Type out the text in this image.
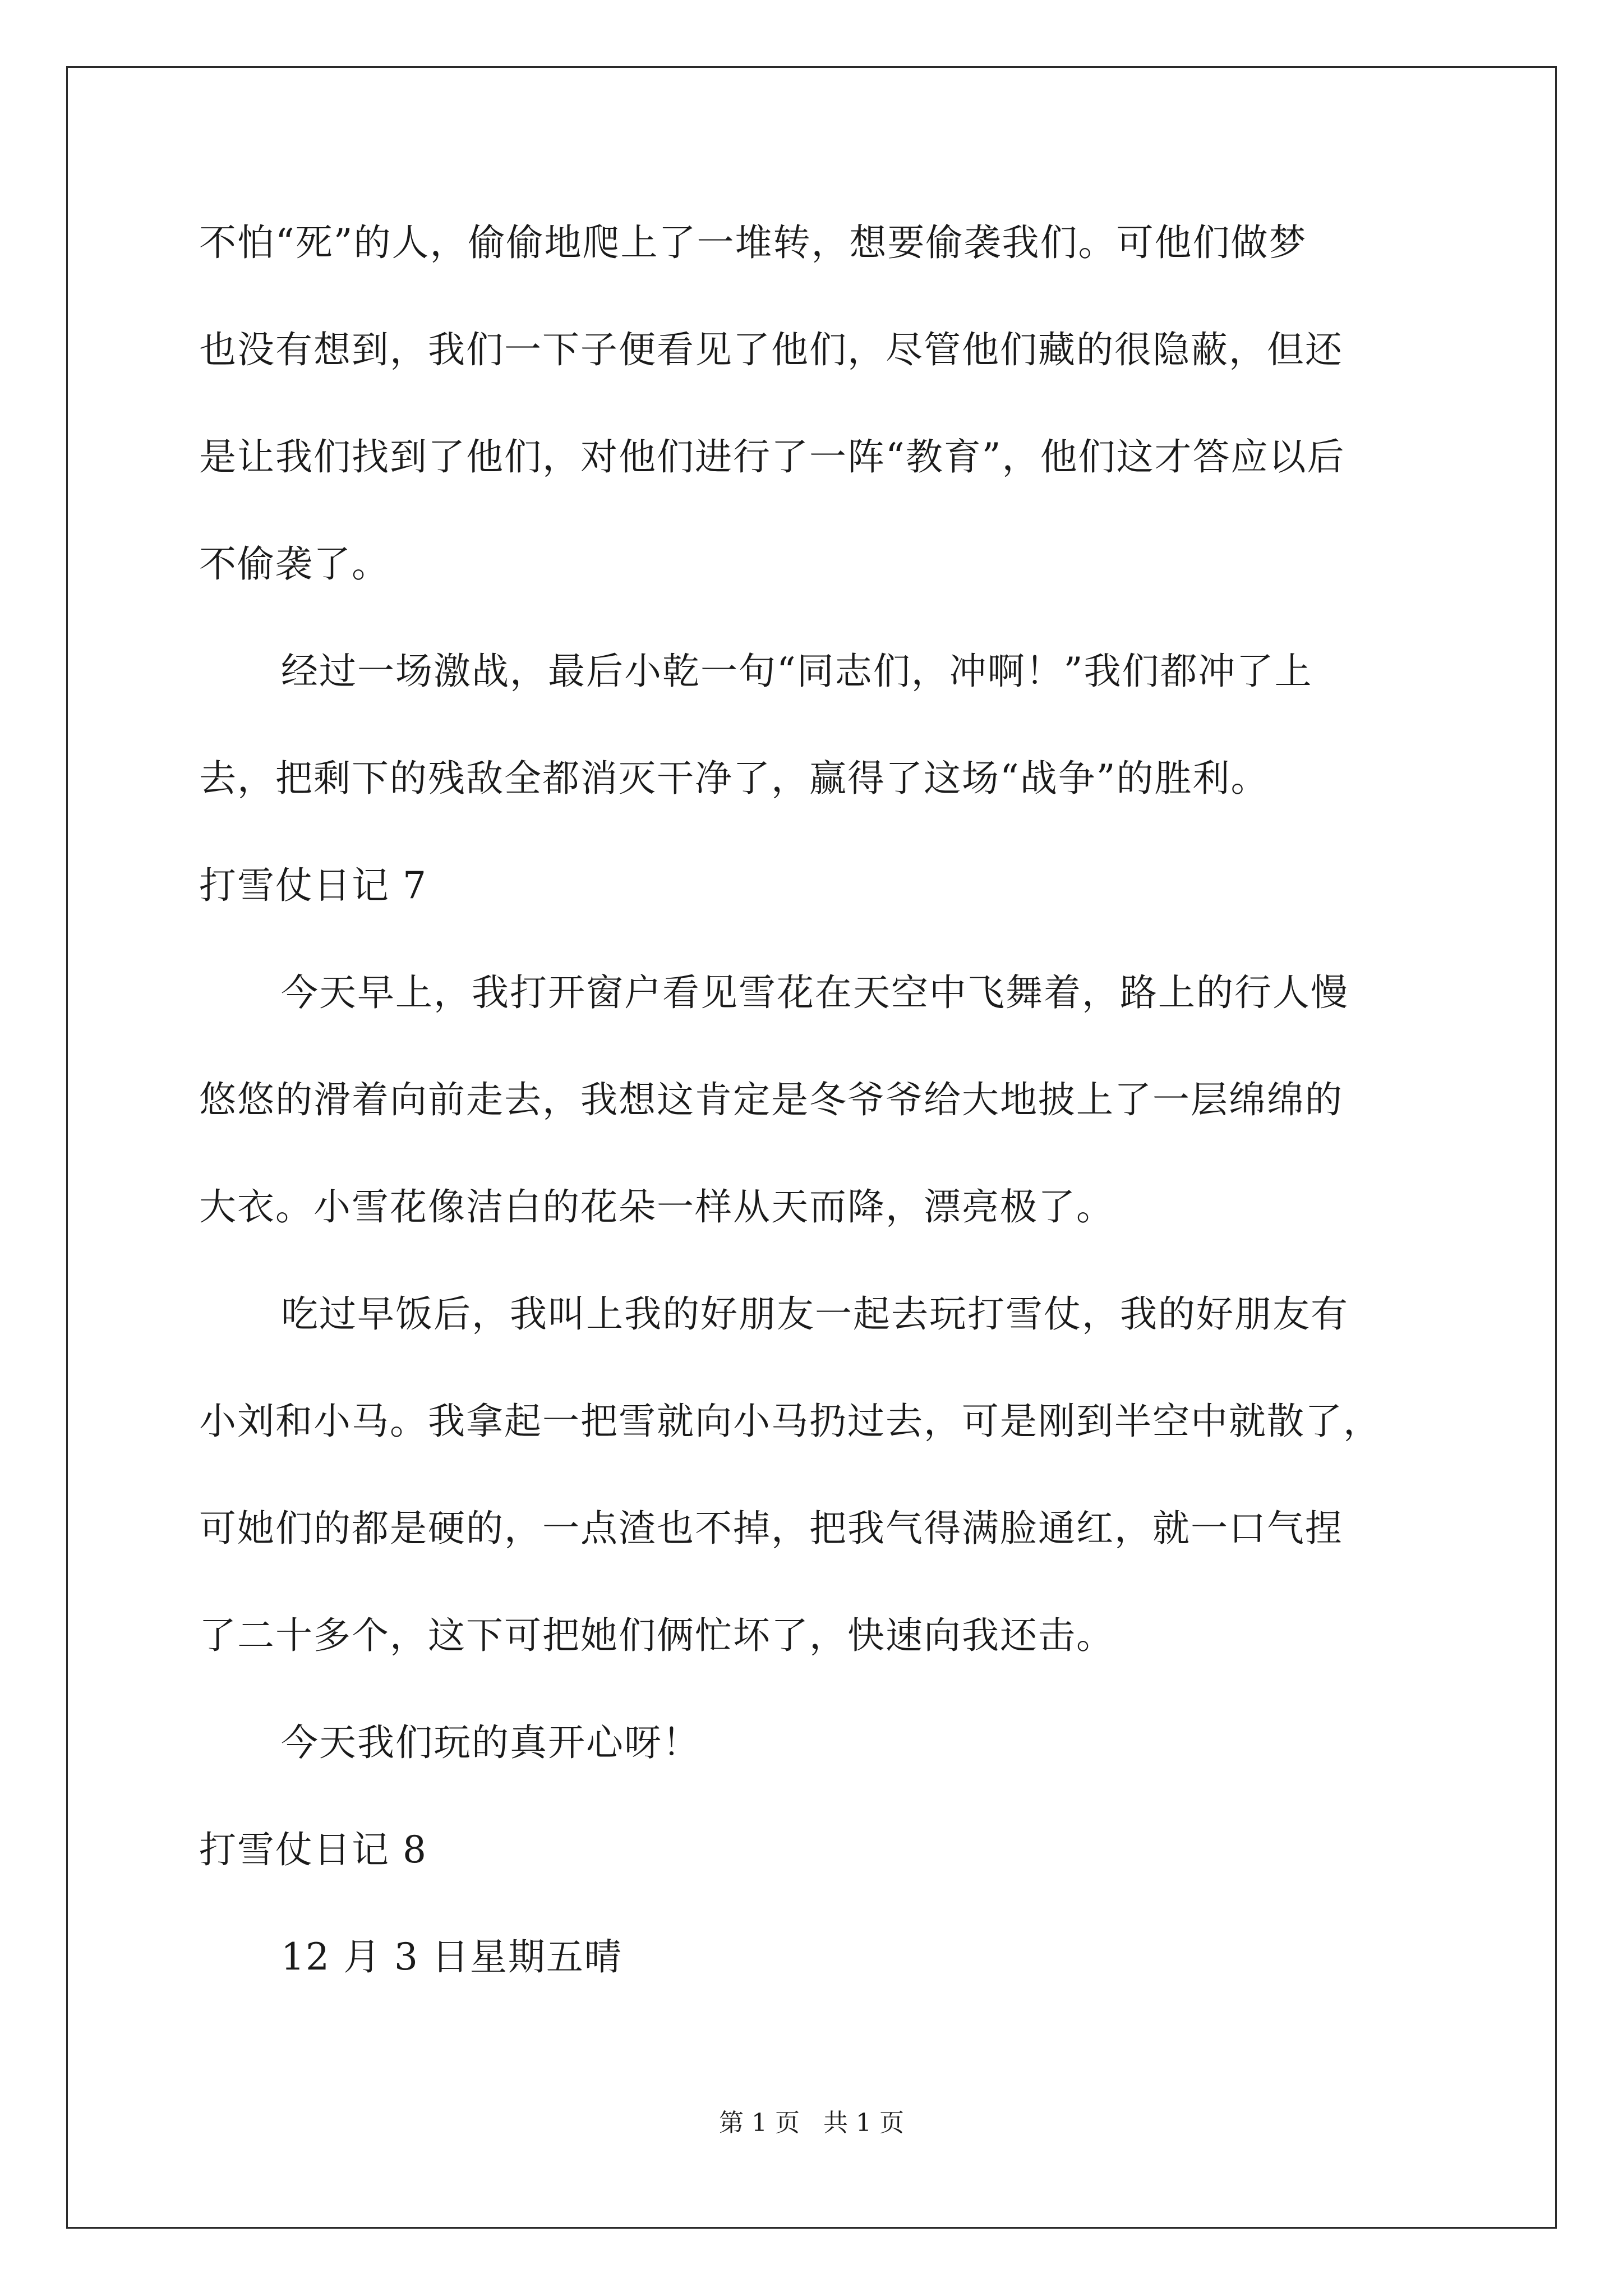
不怕“死”的人，偷偷地爬上了一堆转，想要偷袭我们。可他们做梦
也没有想到，我们一下子便看见了他们，尽管他们藏的很隐蔽，但还
是让我们找到了他们，对他们进行了一阵“教育”，他们这才答应以后
不偷袭了。
经过一场激战，最后小乾一句“同志们，冲啊！”我们都冲了上
去，把剩下的残敌全都消灭干净了，赢得了这场“战争”的胜利。
打雪仗日记 7
今天早上，我打开窗户看见雪花在天空中飞舞着，路上的行人慢
悠悠的滑着向前走去，我想这肯定是冬爷爷给大地披上了一层绵绵的
大衣。小雪花像洁白的花朵一样从天而降，漂亮极了。
吃过早饭后，我叫上我的好朋友一起去玩打雪仗，我的好朋友有
小刘和小马。我拿起一把雪就向小马扔过去，可是刚到半空中就散了，
可她们的都是硬的，一点渣也不掉，把我气得满脸通红，就一口气捏
了二十多个，这下可把她们俩忙坏了，快速向我还击。
今天我们玩的真开心呀！
打雪仗日记 8
12 月 3 日星期五晴
第 1 页   共 1 页
